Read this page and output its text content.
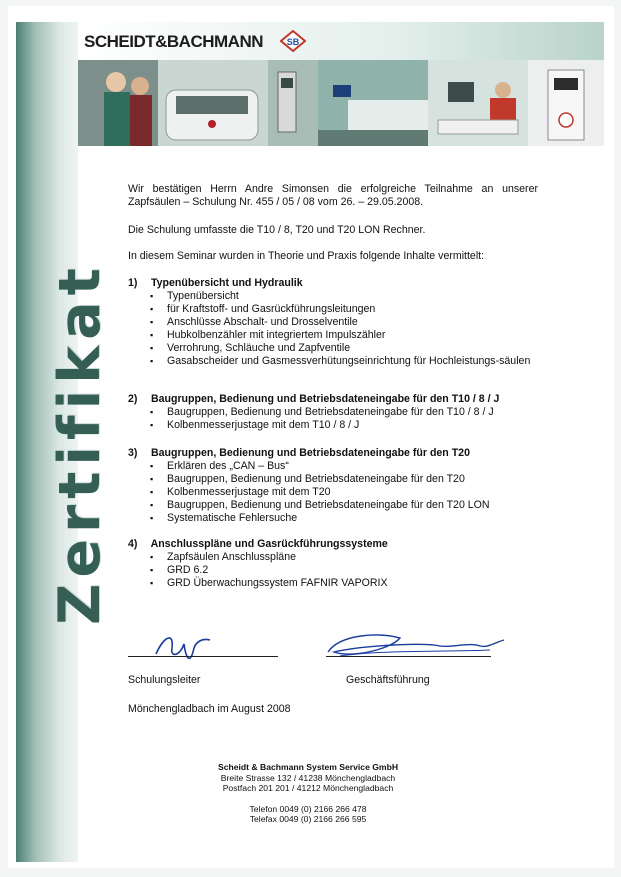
Zertifikat
SCHEIDT&BACHMANN	SB
Wir bestätigen Herrn Andre Simonsen die erfolgreiche Teilnahme an unserer Zapfsäulen – Schulung Nr. 455 / 05 / 08 vom 26. – 29.05.2008.
Die Schulung umfasste die T10 / 8, T20 und T20 LON Rechner.
In diesem Seminar wurden in Theorie und Praxis folgende Inhalte vermittelt:
1) Typenübersicht und Hydraulik
▪ Typenübersicht
▪ für Kraftstoff- und Gasrückführungsleitungen
▪ Anschlüsse Abschalt- und Drosselventile
▪ Hubkolbenzähler mit integriertem Impulszähler
▪ Verrohrung, Schläuche und Zapfventile
▪ Gasabscheider und Gasmessverhütungseinrichtung für Hochleistungs-säulen
2) Baugruppen, Bedienung und Betriebsdateneingabe für den T10 / 8 / J
▪ Baugruppen, Bedienung und Betriebsdateneingabe für den T10 / 8 / J
▪ Kolbenmesserjustage mit dem T10 / 8 / J
3) Baugruppen, Bedienung und Betriebsdateneingabe für den T20
▪ Erklären des „CAN – Bus“
▪ Baugruppen, Bedienung und Betriebsdateneingabe für den T20
▪ Kolbenmesserjustage mit dem T20
▪ Baugruppen, Bedienung und Betriebsdateneingabe für den T20 LON
▪ Systematische Fehlersuche
4) Anschlusspläne und Gasrückführungssysteme
▪ Zapfsäulen Anschlusspläne
▪ GRD 6.2
▪ GRD Überwachungssystem FAFNIR VAPORIX
Schulungsleiter	Geschäftsführung
Mönchengladbach im August 2008
Scheidt & Bachmann System Service GmbH
Breite Strasse 132 / 41238 Mönchengladbach
Postfach 201 201 / 41212 Mönchengladbach
Telefon 0049 (0) 2166 266 478
Telefax 0049 (0) 2166 266 595
